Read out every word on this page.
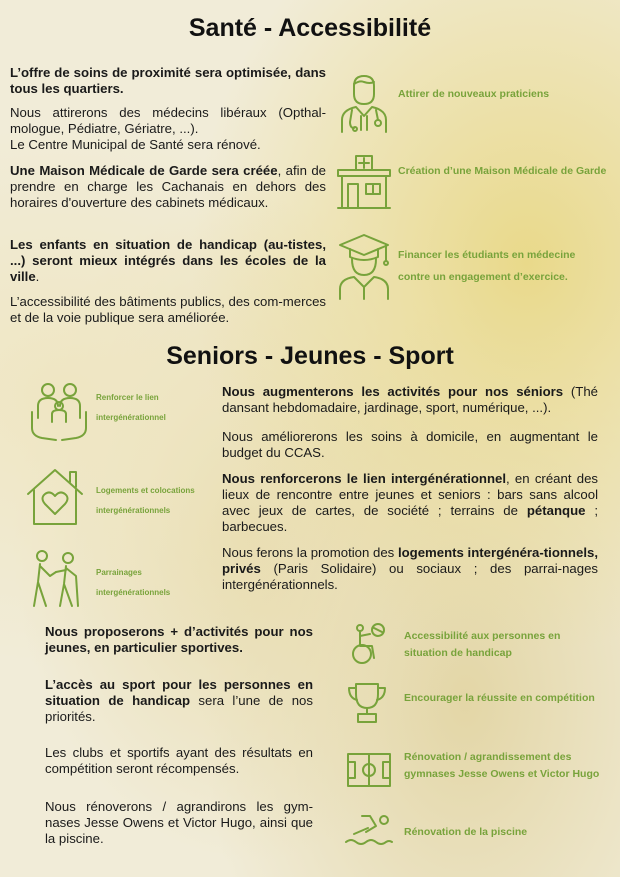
Santé - Accessibilité

L’offre de soins de proximité sera optimisée, dans tous les quartiers.

Nous attirerons des médecins libéraux (Opthal-mologue, Pédiatre, Gériatre, ...).

Le Centre Municipal de Santé sera rénové.

Une Maison Médicale de Garde sera créée, afin de prendre en charge les Cachanais en dehors des horaires d'ouverture des cabinets médicaux.

Les enfants en situation de handicap (au-tistes, ...) seront mieux intégrés dans les écoles de la ville.

L’accessibilité des bâtiments publics, des com-merces et de la voie publique sera améliorée.

Attirer de nouveaux praticiens

Création d’une Maison Médicale de Garde

Financer les étudiants en médecine contre un engagement d’exercice.

Seniors - Jeunes - Sport

Renforcer le lien intergénérationnel

Logements et colocations intergénérationnels

Parrainages intergénérationnels

Nous augmenterons les activités pour nos séniors (Thé dansant hebdomadaire, jardinage, sport, numérique, ...).

Nous améliorerons les soins à domicile, en augmentant le budget du CCAS.

Nous renforcerons le lien intergénérationnel, en créant des lieux de rencontre entre jeunes et seniors : bars sans alcool avec jeux de cartes, de société ; terrains de pétanque ; barbecues.

Nous ferons la promotion des logements intergénéra-tionnels, privés (Paris Solidaire) ou sociaux ; des parrai-nages intergénérationnels.

Nous proposerons + d’activités pour nos jeunes, en particulier sportives.

L’accès au sport pour les personnes en situation de handicap sera l’une de nos priorités.

Les clubs et sportifs ayant des résultats en compétition seront récompensés.

Nous rénoverons / agrandirons les gym-nases Jesse Owens et Victor Hugo, ainsi que la piscine.

Accessibilité aux personnes en situation de handicap

Encourager la réussite en compétition

Rénovation / agrandissement des gymnases Jesse Owens et Victor Hugo

Rénovation de la piscine
